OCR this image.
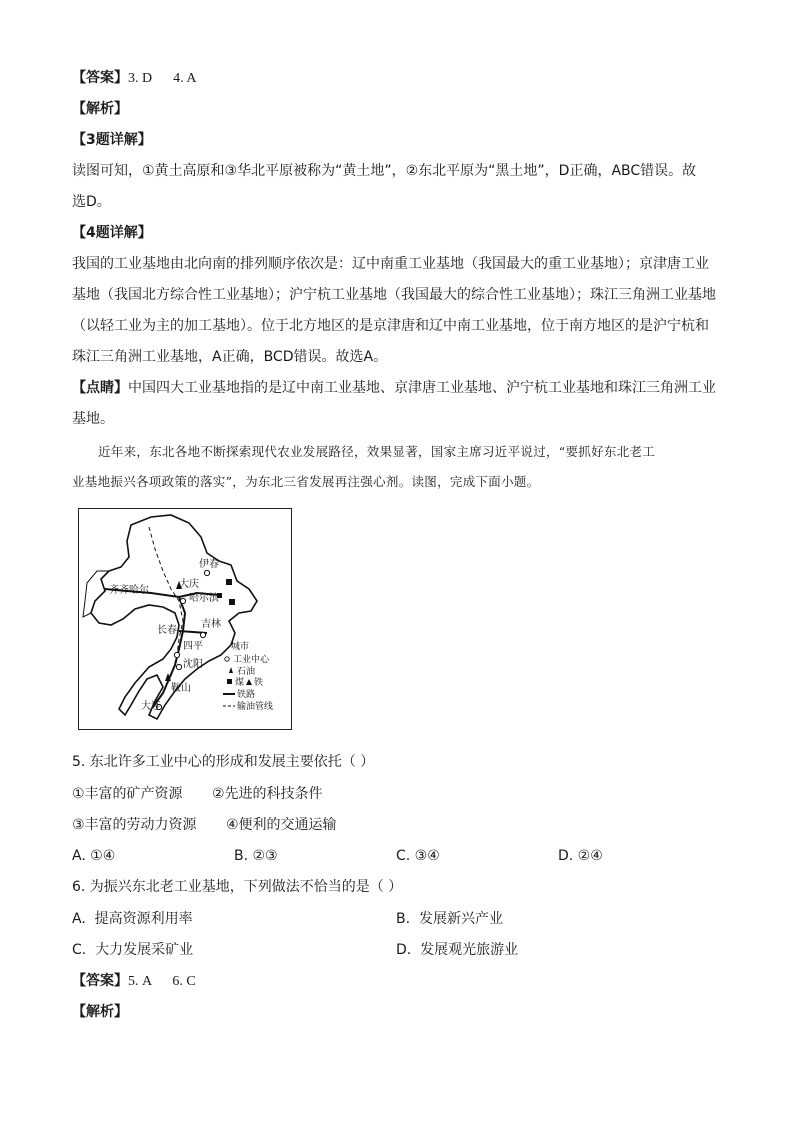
【答案】3. D      4. A
【解析】
【3题详解】
读图可知，①黄土高原和③华北平原被称为“黄土地”，②东北平原为“黑土地”，D正确，ABC错误。故
选D。
【4题详解】
我国的工业基地由北向南的排列顺序依次是：辽中南重工业基地（我国最大的重工业基地）；京津唐工业
基地（我国北方综合性工业基地）；沪宁杭工业基地（我国最大的综合性工业基地）；珠江三角洲工业基地
（以轻工业为主的加工基地）。位于北方地区的是京津唐和辽中南工业基地，位于南方地区的是沪宁杭和
珠江三角洲工业基地，A正确，BCD错误。故选A。
【点睛】中国四大工业基地指的是辽中南工业基地、京津唐工业基地、沪宁杭工业基地和珠江三角洲工业
基地。
近年来，东北各地不断探索现代农业发展路径，效果显著，国家主席习近平说过，“要抓好东北老工
业基地振兴各项政策的落实”，为东北三省发展再注强心剂。读图，完成下面小题。
伊春
大庆
齐齐哈尔
哈尔滨
长春
吉林
四平
沈阳
鞍山
大连
城市
工业中心
石油
煤 铁
铁路
输油管线
5. 东北许多工业中心的形成和发展主要依托（ ）
①丰富的矿产资源 ②先进的科技条件
③丰富的劳动力资源 ④便利的交通运输
A. ①④	B. ②③	C. ③④	D. ②④
6. 为振兴东北老工业基地，下列做法不恰当的是（ ）
A.  提高资源利用率	B.  发展新兴产业
C.  大力发展采矿业	D.  发展观光旅游业
【答案】5. A      6. C
【解析】
